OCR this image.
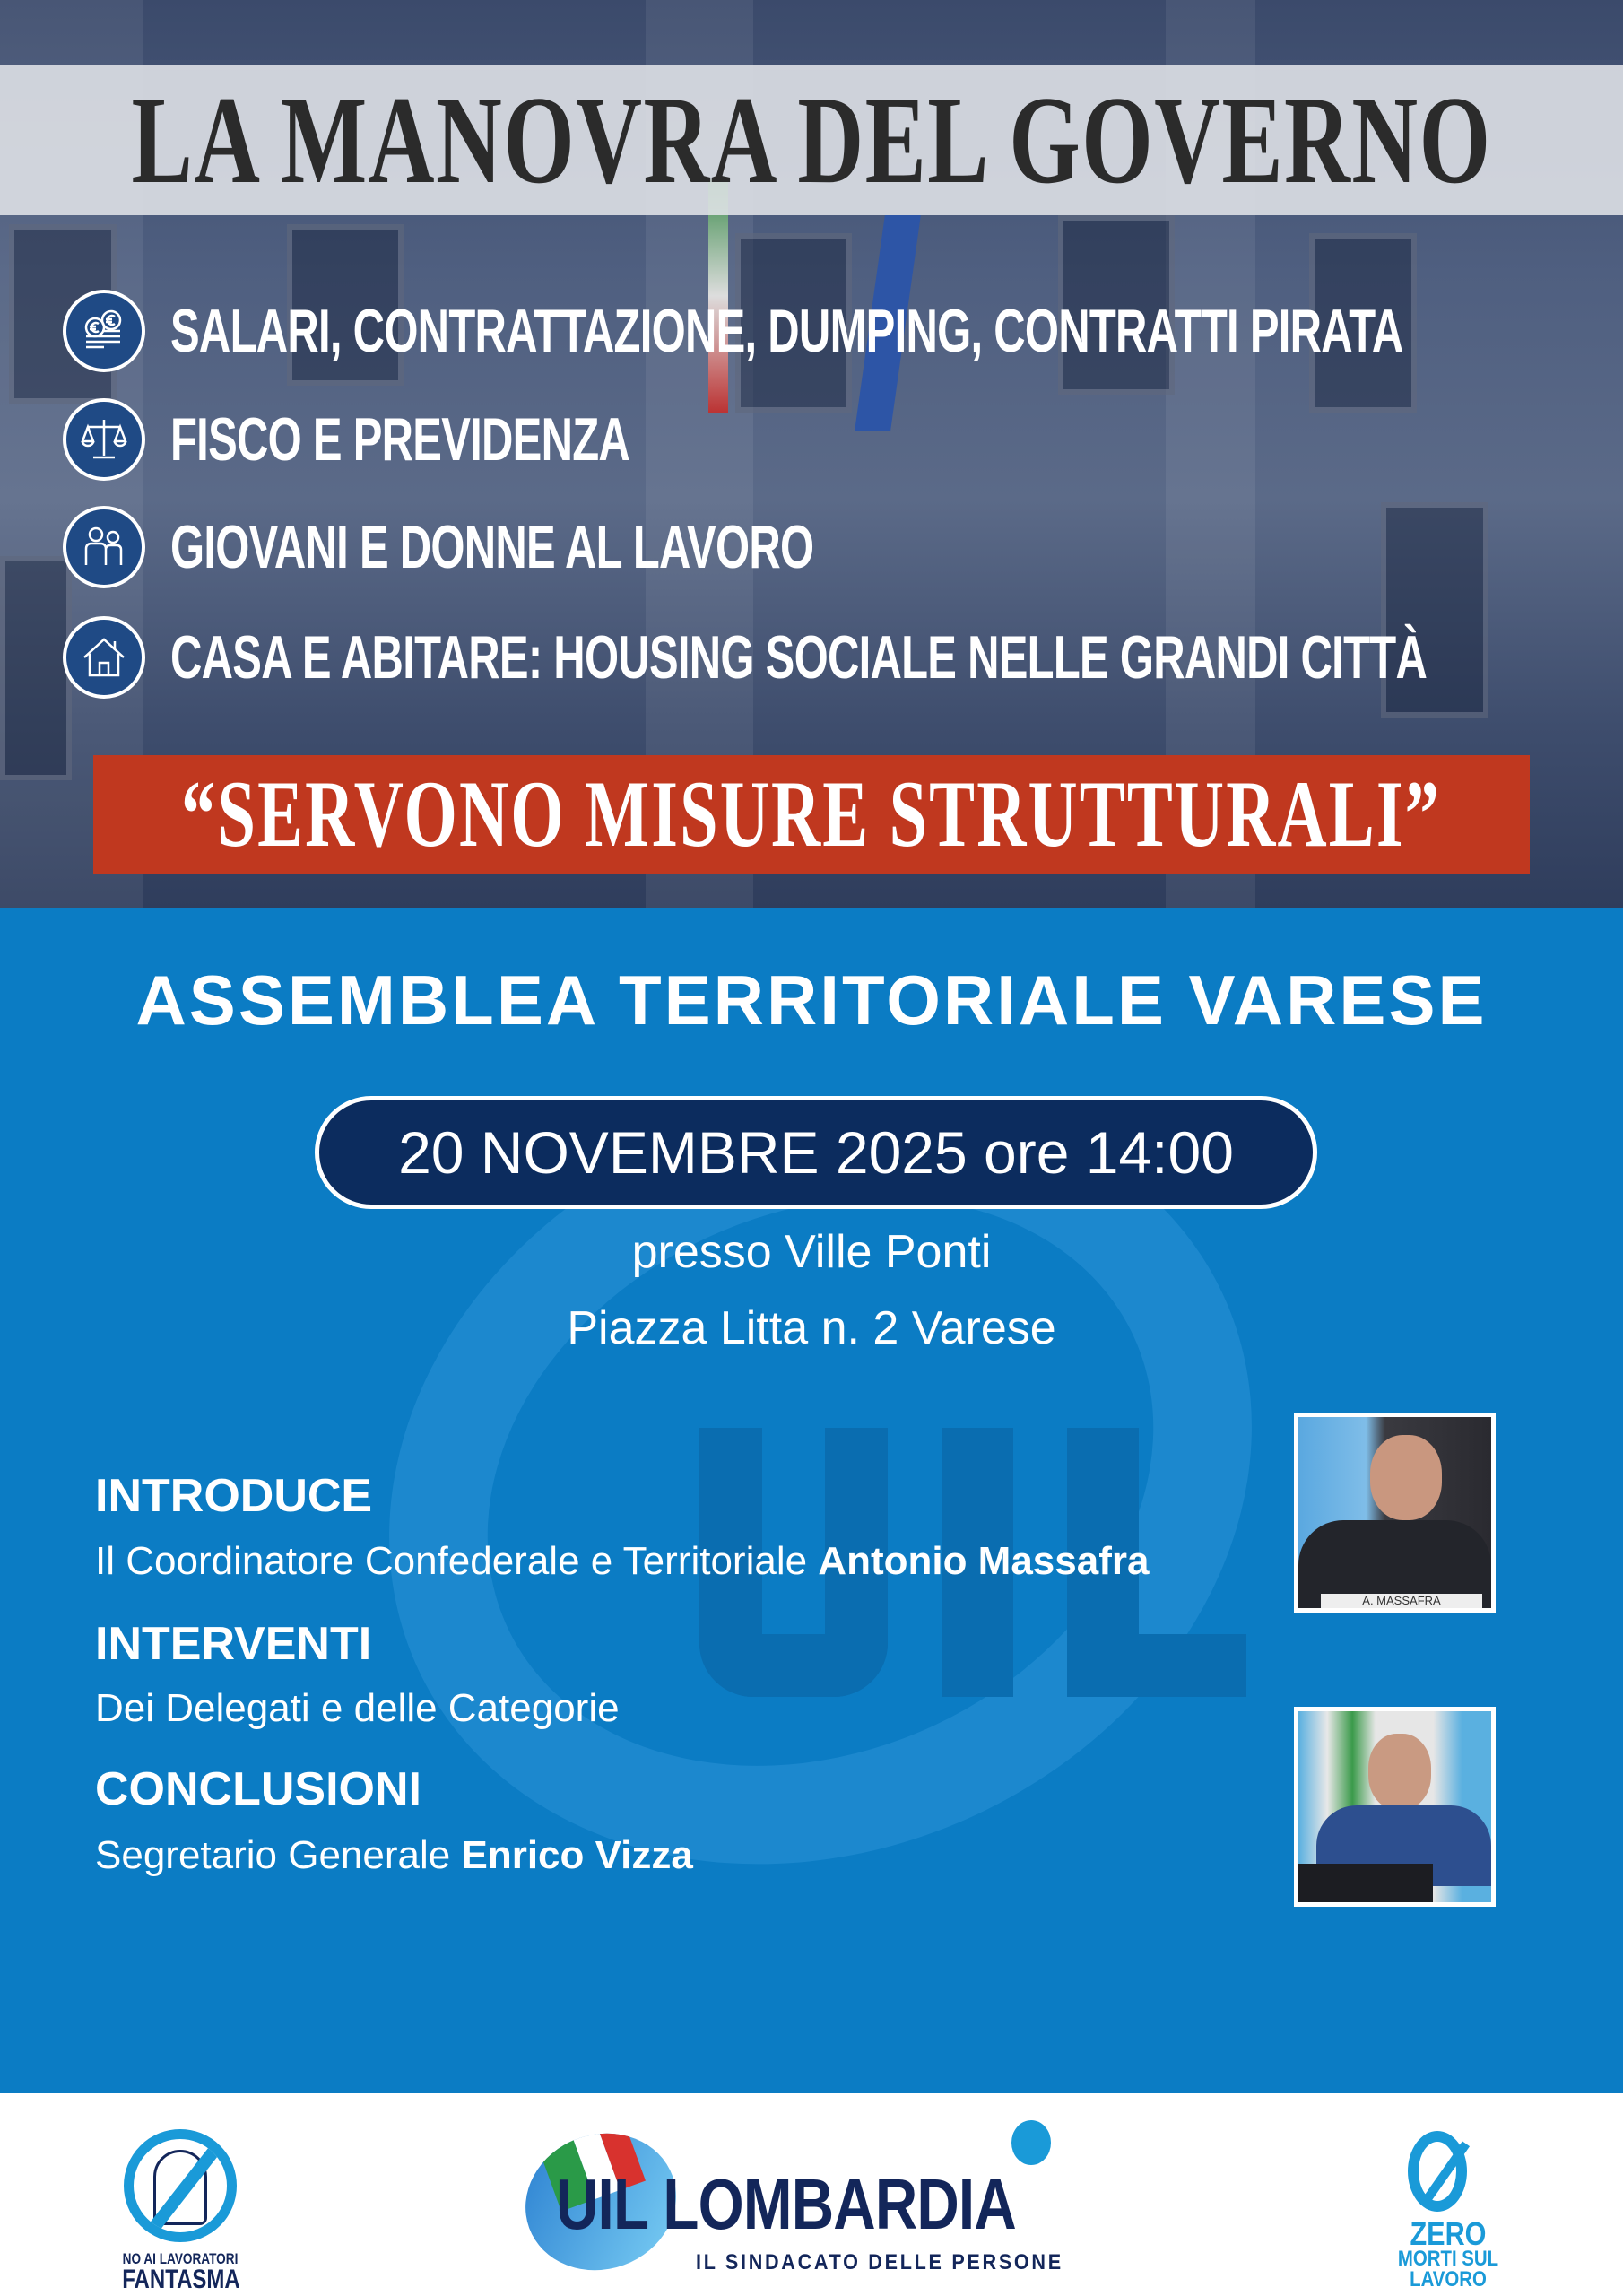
LA MANOVRA DEL GOVERNO
SALARI, CONTRATTAZIONE, DUMPING, CONTRATTI PIRATA
FISCO E PREVIDENZA
GIOVANI E DONNE AL LAVORO
CASA E ABITARE: HOUSING SOCIALE NELLE GRANDI CITTÀ
“SERVONO MISURE STRUTTURALI”
ASSEMBLEA TERRITORIALE VARESE
20 NOVEMBRE 2025 ore 14:00
presso Ville Ponti
Piazza Litta n. 2 Varese
INTRODUCE
Il Coordinatore Confederale e Territoriale Antonio Massafra
INTERVENTI
Dei Delegati e delle Categorie
CONCLUSIONI
Segretario Generale Enrico Vizza
A. MASSAFRA
NO AI LAVORATORI
FANTASMA
UIL LOMBARDIA
IL SINDACATO DELLE PERSONE
ZERO
MORTI SUL
LAVORO
